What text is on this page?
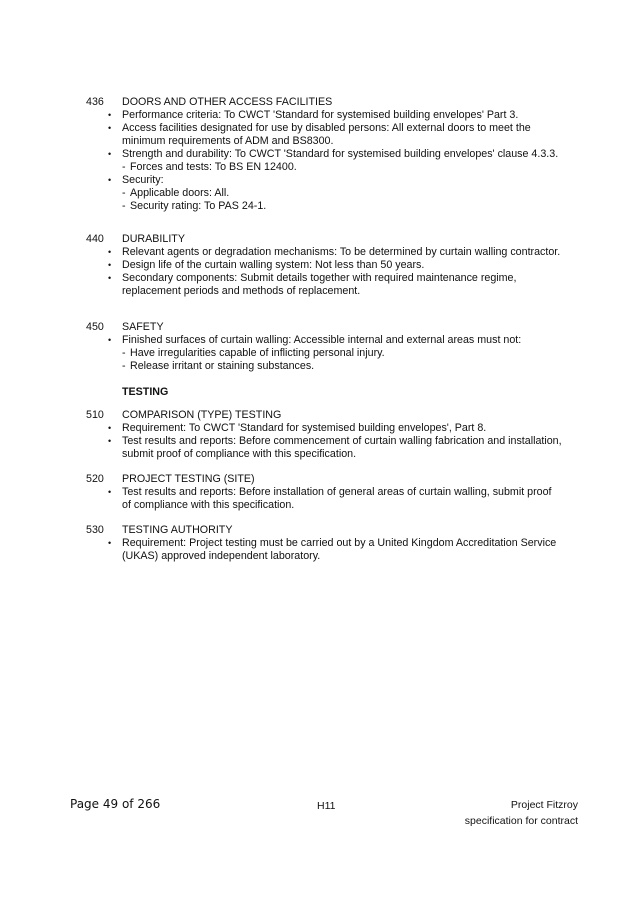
436	DOORS AND OTHER ACCESS FACILITIES
• Performance criteria: To CWCT 'Standard for systemised building envelopes' Part 3.
• Access facilities designated for use by disabled persons: All external doors to meet the minimum requirements of ADM and BS8300.
• Strength and durability: To CWCT 'Standard for systemised building envelopes' clause 4.3.3.
- Forces and tests: To BS EN 12400.
• Security:
- Applicable doors: All.
- Security rating: To PAS 24-1.
440	DURABILITY
• Relevant agents or degradation mechanisms: To be determined by curtain walling contractor.
• Design life of the curtain walling system: Not less than 50 years.
• Secondary components: Submit details together with required maintenance regime, replacement periods and methods of replacement.
450	SAFETY
• Finished surfaces of curtain walling: Accessible internal and external areas must not:
- Have irregularities capable of inflicting personal injury.
- Release irritant or staining substances.
TESTING
510	COMPARISON (TYPE) TESTING
• Requirement: To CWCT 'Standard for systemised building envelopes', Part 8.
• Test results and reports: Before commencement of curtain walling fabrication and installation, submit proof of compliance with this specification.
520	PROJECT TESTING (SITE)
• Test results and reports: Before installation of general areas of curtain walling, submit proof of compliance with this specification.
530	TESTING AUTHORITY
• Requirement: Project testing must be carried out by a United Kingdom Accreditation Service (UKAS) approved independent laboratory.
Page 49 of 266	H11	Project Fitzroy
specification for contract
